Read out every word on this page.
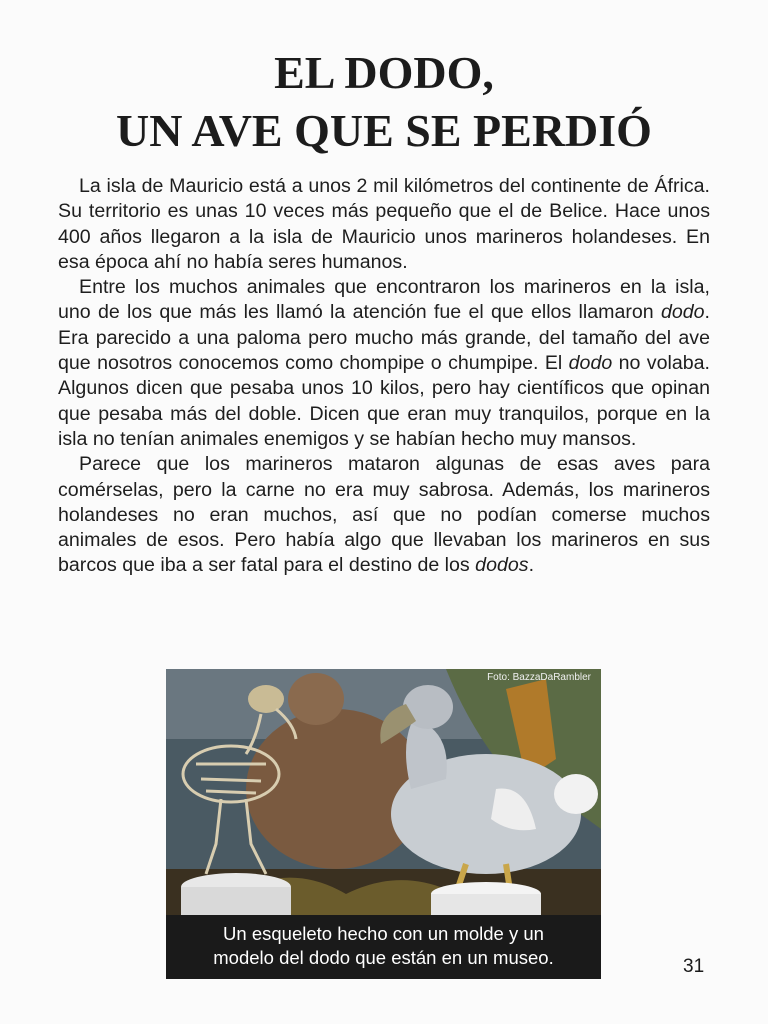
EL DODO,
UN AVE QUE SE PERDIÓ

La isla de Mauricio está a unos 2 mil kilómetros del continente de África. Su territorio es unas 10 veces más pequeño que el de Belice. Hace unos 400 años llegaron a la isla de Mauricio unos marineros holandeses. En esa época ahí no había seres humanos.

Entre los muchos animales que encontraron los marineros en la isla, uno de los que más les llamó la atención fue el que ellos llamaron dodo. Era parecido a una paloma pero mucho más grande, del tamaño del ave que nosotros conocemos como chompipe o chumpipe. El dodo no volaba. Algunos dicen que pesaba unos 10 kilos, pero hay científicos que opinan que pesaba más del doble. Dicen que eran muy tranquilos, porque en la isla no tenían animales enemigos y se habían hecho muy mansos.

Parece que los marineros mataron algunas de esas aves para comérselas, pero la carne no era muy sabrosa. Además, los marineros holandeses no eran muchos, así que no podían comerse muchos animales de esos. Pero había algo que llevaban los marineros en sus barcos que iba a ser fatal para el destino de los dodos.

Foto: BazzaDaRambler
Un esqueleto hecho con un molde y un
modelo del dodo que están en un museo.	31
